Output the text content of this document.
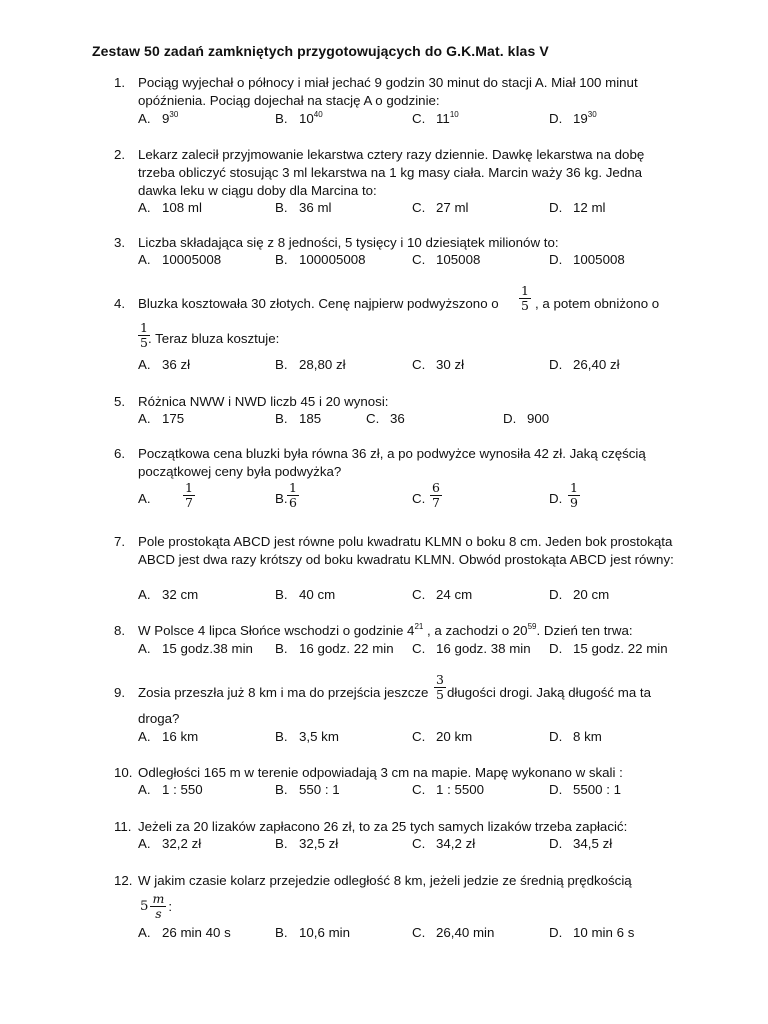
Zestaw 50 zadań zamkniętych przygotowujących do G.K.Mat. klas V
1. Pociąg wyjechał o północy i miał jechać 9 godzin 30 minut do stacji A. Miał 100 minut opóźnienia. Pociąg dojechał na stację A o godzinie:
A. $9^{30}$	B. $10^{40}$	C. $11^{10}$	D. $19^{30}$
2. Lekarz zalecił przyjmowanie lekarstwa cztery razy dziennie. Dawkę lekarstwa na dobę trzeba obliczyć stosując 3 ml lekarstwa na 1 kg masy ciała. Marcin waży 36 kg. Jedna dawka leku w ciągu doby dla Marcina to:
A. 108 ml	B. 36 ml	C. 27 ml	D. 12 ml
3. Liczba składająca się z 8 jedności, 5 tysięcy i 10 dziesiątek milionów to:
A. 10005008	B. 100005008	C. 105008	D. 1005008
4. Bluzka kosztowała 30 złotych. Cenę najpierw podwyższono o $\frac{1}{5}$ , a potem obniżono o
$\frac{1}{5}$
. Teraz bluza kosztuje:
A. 36 zł	B. 28,80 zł	C. 30 zł	D. 26,40 zł
5. Różnica NWW i NWD liczb 45 i 20 wynosi:
A. 175	B. 185	C. 36	D. 900
6. Początkowa cena bluzki była równa 36 zł, a po podwyżce wynosiła 42 zł. Jaką częścią początkowej ceny była podwyżka?
A.	$\frac{1}{7}$	B. $\frac{1}{6}$	C. $\frac{6}{7}$	D. $\frac{1}{9}$
7. Pole prostokąta ABCD jest równe polu kwadratu KLMN o boku 8 cm. Jeden bok prostokąta ABCD jest dwa razy krótszy od boku kwadratu KLMN. Obwód prostokąta ABCD jest równy:
A. 32 cm	B. 40 cm	C. 24 cm	D. 20 cm
8. W Polsce 4 lipca Słońce wschodzi o godzinie $4^{21}$ , a zachodzi o $20^{59}$. Dzień ten trwa:
A. 15 godz.38 min B. 16 godz. 22 min C. 16 godz. 38 min D. 15 godz. 22 min
9. Zosia przeszła już 8 km i ma do przejścia jeszcze $\frac{3}{5}$ długości drogi. Jaką długość ma ta
droga?
A. 16 km	B. 3,5 km	C. 20 km	D. 8 km
10. Odległości 165 m w terenie odpowiadają 3 cm na mapie. Mapę wykonano w skali :
A. 1 : 550	B. 550 : 1	C. 1 : 5500	D. 5500 : 1
11. Jeżeli za 20 lizaków zapłacono 26 zł, to za 25 tych samych lizaków trzeba zapłacić:
A. 32,2 zł	B. 32,5 zł	C. 34,2 zł	D. 34,5 zł
12. W jakim czasie kolarz przejedzie odległość 8 km, jeżeli jedzie ze średnią prędkością
$5 \frac{m}{s}$ :
A. 26 min 40 s	B. 10,6 min	C. 26,40 min	D. 10 min 6 s
